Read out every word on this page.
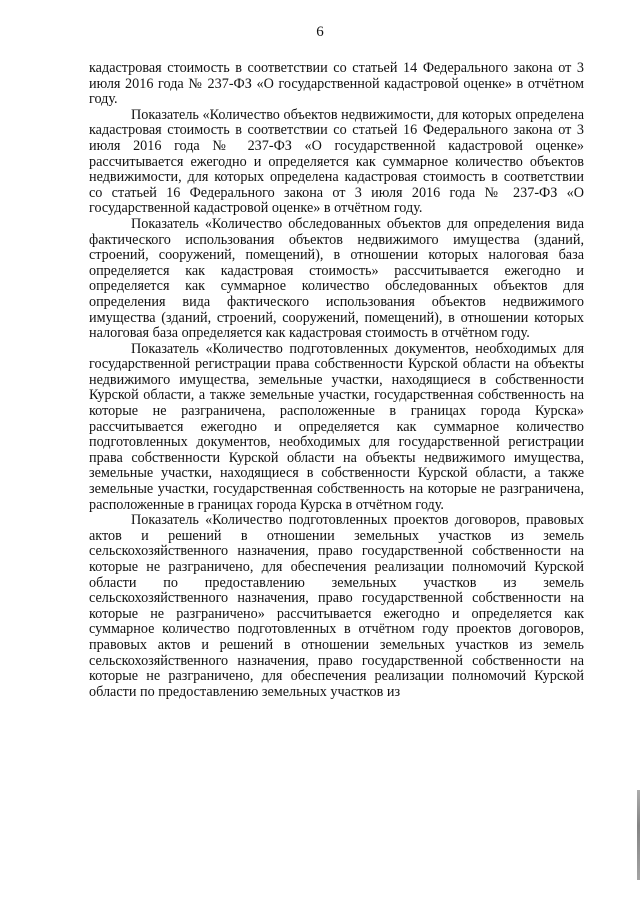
6

кадастровая стоимость в соответствии со статьей 14 Федерального закона от 3 июля 2016 года № 237-ФЗ «О государственной кадастровой оценке» в отчётном году.

Показатель «Количество объектов недвижимости, для которых определена кадастровая стоимость в соответствии со статьей 16 Федерального закона от 3 июля 2016 года № 237-ФЗ «О государственной кадастровой оценке» рассчитывается ежегодно и определяется как суммарное количество объектов недвижимости, для которых определена кадастровая стоимость в соответствии со статьей 16 Федерального закона от 3 июля 2016 года № 237-ФЗ «О государственной кадастровой оценке» в отчётном году.

Показатель «Количество обследованных объектов для определения вида фактического использования объектов недвижимого имущества (зданий, строений, сооружений, помещений), в отношении которых налоговая база определяется как кадастровая стоимость» рассчитывается ежегодно и определяется как суммарное количество обследованных объектов для определения вида фактического использования объектов недвижимого имущества (зданий, строений, сооружений, помещений), в отношении которых налоговая база определяется как кадастровая стоимость в отчётном году.

Показатель «Количество подготовленных документов, необходимых для государственной регистрации права собственности Курской области на объекты недвижимого имущества, земельные участки, находящиеся в собственности Курской области, а также земельные участки, государственная собственность на которые не разграничена, расположенные в границах города Курска» рассчитывается ежегодно и определяется как суммарное количество подготовленных документов, необходимых для государственной регистрации права собственности Курской области на объекты недвижимого имущества, земельные участки, находящиеся в собственности Курской области, а также земельные участки, государственная собственность на которые не разграничена, расположенные в границах города Курска в отчётном году.

Показатель «Количество подготовленных проектов договоров, правовых актов и решений в отношении земельных участков из земель сельскохозяйственного назначения, право государственной собственности на которые не разграничено, для обеспечения реализации полномочий Курской области по предоставлению земельных участков из земель сельскохозяйственного назначения, право государственной собственности на которые не разграничено» рассчитывается ежегодно и определяется как суммарное количество подготовленных в отчётном году проектов договоров, правовых актов и решений в отношении земельных участков из земель сельскохозяйственного назначения, право государственной собственности на которые не разграничено, для обеспечения реализации полномочий Курской области по предоставлению земельных участков из
